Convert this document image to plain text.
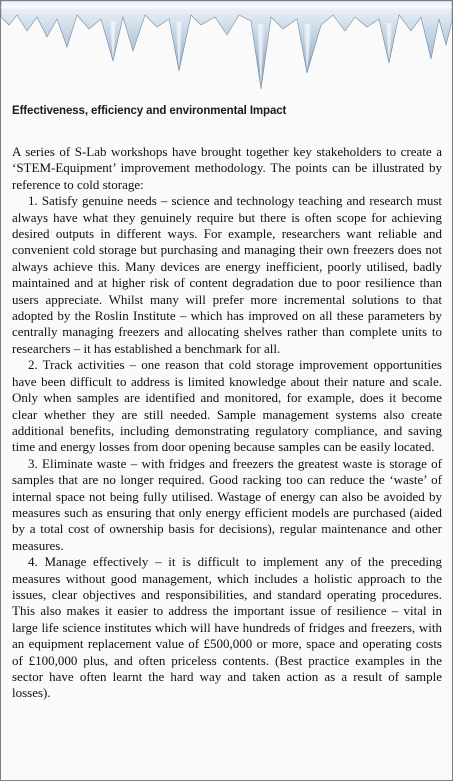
Effectiveness, efficiency and environmental Impact

A series of S-Lab workshops have brought together key stakeholders to create a ‘STEM-Equipment’ improvement methodology. The points can be illustrated by reference to cold storage:

1. Satisfy genuine needs – science and technology teaching and research must always have what they genuinely require but there is often scope for achieving desired outputs in different ways. For example, researchers want reliable and convenient cold storage but purchasing and managing their own freezers does not always achieve this. Many devices are energy inefficient, poorly utilised, badly maintained and at higher risk of content degradation due to poor resilience than users appreciate. Whilst many will prefer more incremental solutions to that adopted by the Roslin Institute – which has improved on all these parameters by centrally managing freezers and allocating shelves rather than complete units to researchers – it has established a benchmark for all.

2. Track activities – one reason that cold storage improvement opportunities have been difficult to address is limited knowledge about their nature and scale. Only when samples are identified and monitored, for example, does it become clear whether they are still needed. Sample management systems also create additional benefits, including demonstrating regulatory compliance, and saving time and energy losses from door opening because samples can be easily located.

3. Eliminate waste – with fridges and freezers the greatest waste is storage of samples that are no longer required. Good racking too can reduce the ‘waste’ of internal space not being fully utilised. Wastage of energy can also be avoided by measures such as ensuring that only energy efficient models are purchased (aided by a total cost of ownership basis for decisions), regular maintenance and other measures.

4. Manage effectively – it is difficult to implement any of the preceding measures without good management, which includes a holistic approach to the issues, clear objectives and responsibilities, and standard operating procedures. This also makes it easier to address the important issue of resilience – vital in large life science institutes which will have hundreds of fridges and freezers, with an equipment replacement value of £500,000 or more, space and operating costs of £100,000 plus, and often priceless contents. (Best practice examples in the sector have often learnt the hard way and taken action as a result of sample losses).
